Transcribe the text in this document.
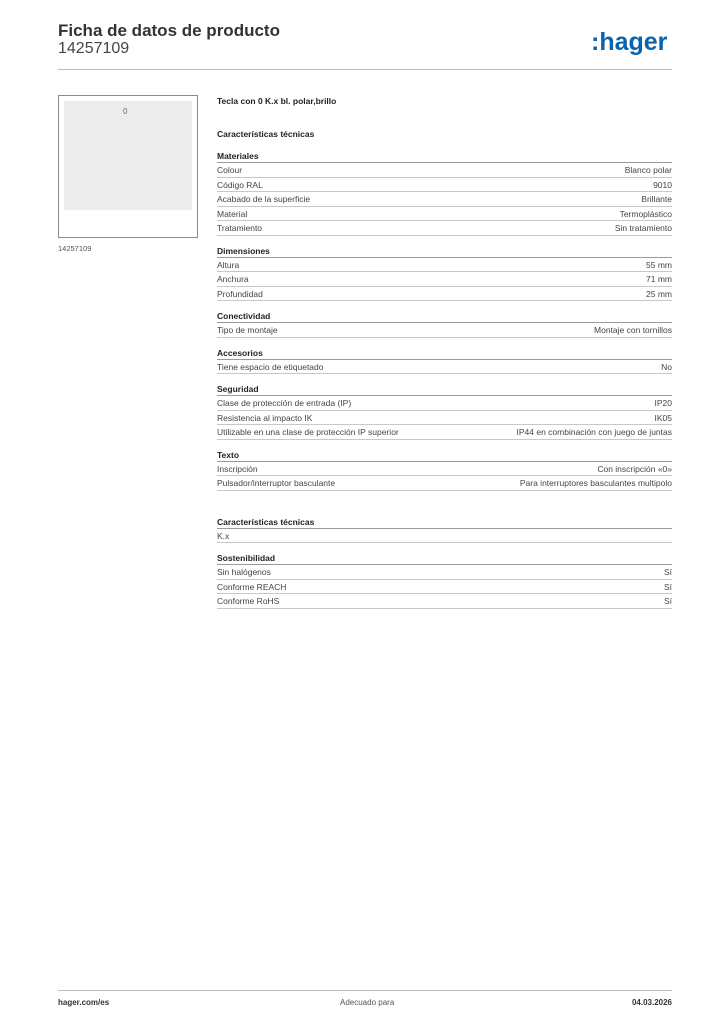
Ficha de datos de producto
14257109	:hager
0
14257109
Tecla con 0 K.x bl. polar,brillo
Características técnicas
Materiales
Colour	Blanco polar
Código RAL	9010
Acabado de la superficie	Brillante
Material	Termoplástico
Tratamiento	Sin tratamiento
Dimensiones
Altura	55 mm
Anchura	71 mm
Profundidad	25 mm
Conectividad
Tipo de montaje	Montaje con tornillos
Accesorios
Tiene espacio de etiquetado	No
Seguridad
Clase de protección de entrada (IP)	IP20
Resistencia al impacto IK	IK05
Utilizable en una clase de protección IP superior	IP44 en combinación con juego de juntas
Texto
Inscripción	Con inscripción «0»
Pulsador/interruptor basculante	Para interruptores basculantes multipolo
Características técnicas
K.x
Sostenibilidad
Sin halógenos	Sí
Conforme REACH	Sí
Conforme RoHS	Sí
hager.com/es	Adecuado para	04.03.2026
